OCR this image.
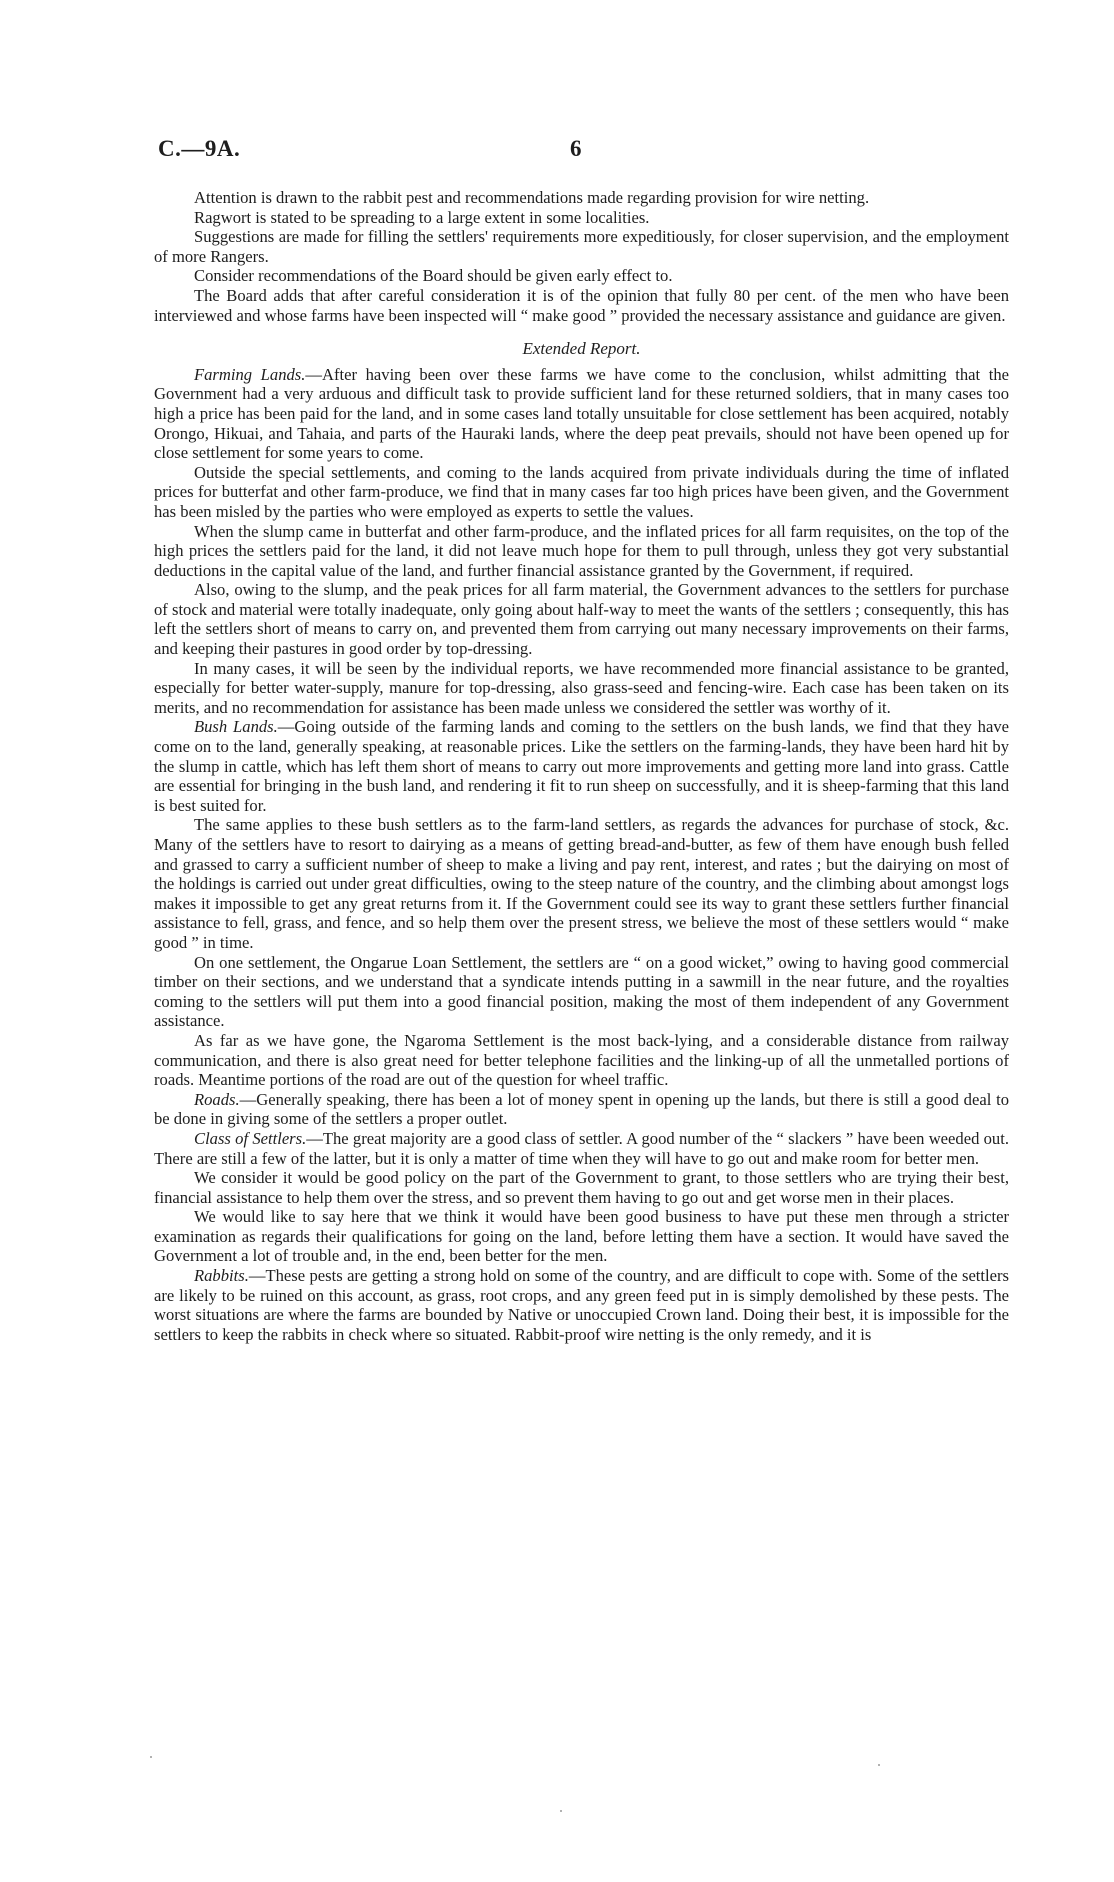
C.—9A.	6

Attention is drawn to the rabbit pest and recommendations made regarding provision for wire netting.

Ragwort is stated to be spreading to a large extent in some localities.

Suggestions are made for filling the settlers' requirements more expeditiously, for closer supervision, and the employment of more Rangers.

Consider recommendations of the Board should be given early effect to.

The Board adds that after careful consideration it is of the opinion that fully 80 per cent. of the men who have been interviewed and whose farms have been inspected will “ make good ” provided the necessary assistance and guidance are given.

Extended Report.

Farming Lands.—After having been over these farms we have come to the conclusion, whilst admitting that the Government had a very arduous and difficult task to provide sufficient land for these returned soldiers, that in many cases too high a price has been paid for the land, and in some cases land totally unsuitable for close settlement has been acquired, notably Orongo, Hikuai, and Tahaia, and parts of the Hauraki lands, where the deep peat prevails, should not have been opened up for close settlement for some years to come.

Outside the special settlements, and coming to the lands acquired from private individuals during the time of inflated prices for butterfat and other farm-produce, we find that in many cases far too high prices have been given, and the Government has been misled by the parties who were employed as experts to settle the values.

When the slump came in butterfat and other farm-produce, and the inflated prices for all farm requisites, on the top of the high prices the settlers paid for the land, it did not leave much hope for them to pull through, unless they got very substantial deductions in the capital value of the land, and further financial assistance granted by the Government, if required.

Also, owing to the slump, and the peak prices for all farm material, the Government advances to the settlers for purchase of stock and material were totally inadequate, only going about half-way to meet the wants of the settlers ; consequently, this has left the settlers short of means to carry on, and prevented them from carrying out many necessary improvements on their farms, and keeping their pastures in good order by top-dressing.

In many cases, it will be seen by the individual reports, we have recommended more financial assistance to be granted, especially for better water-supply, manure for top-dressing, also grass-seed and fencing-wire. Each case has been taken on its merits, and no recommendation for assistance has been made unless we considered the settler was worthy of it.

Bush Lands.—Going outside of the farming lands and coming to the settlers on the bush lands, we find that they have come on to the land, generally speaking, at reasonable prices. Like the settlers on the farming-lands, they have been hard hit by the slump in cattle, which has left them short of means to carry out more improvements and getting more land into grass. Cattle are essential for bringing in the bush land, and rendering it fit to run sheep on successfully, and it is sheep-farming that this land is best suited for.

The same applies to these bush settlers as to the farm-land settlers, as regards the advances for purchase of stock, &c. Many of the settlers have to resort to dairying as a means of getting bread-and-butter, as few of them have enough bush felled and grassed to carry a sufficient number of sheep to make a living and pay rent, interest, and rates ; but the dairying on most of the holdings is carried out under great difficulties, owing to the steep nature of the country, and the climbing about amongst logs makes it impossible to get any great returns from it. If the Government could see its way to grant these settlers further financial assistance to fell, grass, and fence, and so help them over the present stress, we believe the most of these settlers would “ make good ” in time.

On one settlement, the Ongarue Loan Settlement, the settlers are “ on a good wicket,” owing to having good commercial timber on their sections, and we understand that a syndicate intends putting in a sawmill in the near future, and the royalties coming to the settlers will put them into a good financial position, making the most of them independent of any Government assistance.

As far as we have gone, the Ngaroma Settlement is the most back-lying, and a considerable distance from railway communication, and there is also great need for better telephone facilities and the linking-up of all the unmetalled portions of roads. Meantime portions of the road are out of the question for wheel traffic.

Roads.—Generally speaking, there has been a lot of money spent in opening up the lands, but there is still a good deal to be done in giving some of the settlers a proper outlet.

Class of Settlers.—The great majority are a good class of settler. A good number of the “ slackers ” have been weeded out. There are still a few of the latter, but it is only a matter of time when they will have to go out and make room for better men.

We consider it would be good policy on the part of the Government to grant, to those settlers who are trying their best, financial assistance to help them over the stress, and so prevent them having to go out and get worse men in their places.

We would like to say here that we think it would have been good business to have put these men through a stricter examination as regards their qualifications for going on the land, before letting them have a section. It would have saved the Government a lot of trouble and, in the end, been better for the men.

Rabbits.—These pests are getting a strong hold on some of the country, and are difficult to cope with. Some of the settlers are likely to be ruined on this account, as grass, root crops, and any green feed put in is simply demolished by these pests. The worst situations are where the farms are bounded by Native or unoccupied Crown land. Doing their best, it is impossible for the settlers to keep the rabbits in check where so situated. Rabbit-proof wire netting is the only remedy, and it is
